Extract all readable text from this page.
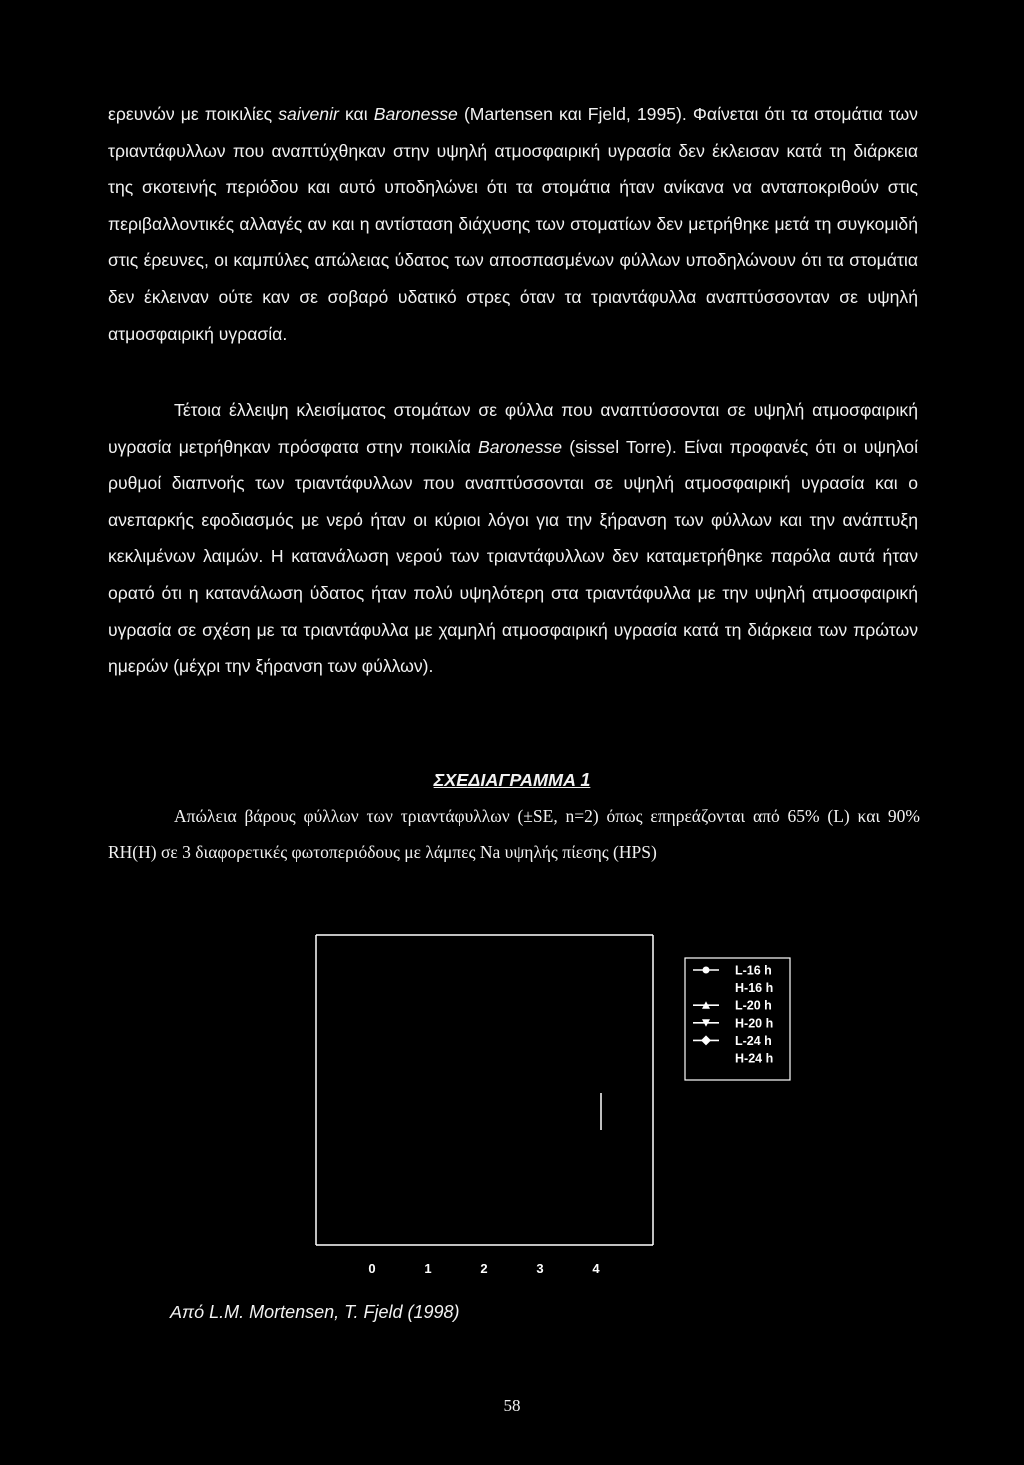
ερευνών με ποικιλίες saivenir και Baronesse (Martensen και Fjeld, 1995). Φαίνεται ότι τα στομάτια των τριαντάφυλλων που αναπτύχθηκαν στην υψηλή ατμοσφαιρική υγρασία δεν έκλεισαν κατά τη διάρκεια της σκοτεινής περιόδου και αυτό υποδηλώνει ότι τα στομάτια ήταν ανίκανα να ανταποκριθούν στις περιβαλλοντικές αλλαγές αν και η αντίσταση διάχυσης των στοματίων δεν μετρήθηκε μετά τη συγκομιδή στις έρευνες, οι καμπύλες απώλειας ύδατος των αποσπασμένων φύλλων υποδηλώνουν ότι τα στομάτια δεν έκλειναν ούτε καν σε σοβαρό υδατικό στρες όταν τα τριαντάφυλλα αναπτύσσονταν σε υψηλή ατμοσφαιρική υγρασία.

Τέτοια έλλειψη κλεισίματος στομάτων σε φύλλα που αναπτύσσονται σε υψηλή ατμοσφαιρική υγρασία μετρήθηκαν πρόσφατα στην ποικιλία Baronesse (sissel Torre). Είναι προφανές ότι οι υψηλοί ρυθμοί διαπνοής των τριαντάφυλλων που αναπτύσσονται σε υψηλή ατμοσφαιρική υγρασία και ο ανεπαρκής εφοδιασμός με νερό ήταν οι κύριοι λόγοι για την ξήρανση των φύλλων και την ανάπτυξη κεκλιμένων λαιμών. Η κατανάλωση νερού των τριαντάφυλλων δεν καταμετρήθηκε παρόλα αυτά ήταν ορατό ότι η κατανάλωση ύδατος ήταν πολύ υψηλότερη στα τριαντάφυλλα με την υψηλή ατμοσφαιρική υγρασία σε σχέση με τα τριαντάφυλλα με χαμηλή ατμοσφαιρική υγρασία κατά τη διάρκεια των πρώτων ημερών (μέχρι την ξήρανση των φύλλων).

ΣΧΕΔΙΑΓΡΑΜΜΑ 1

Απώλεια βάρους φύλλων των τριαντάφυλλων (±SE, n=2) όπως επηρεάζονται από 65% (L) και 90% RH(H) σε 3 διαφορετικές φωτοπεριόδους με λάμπες Na υψηλής πίεσης (HPS)

L-16 h
H-16 h
L-20 h
H-20 h
L-24 h
H-24 h
0	1	2	3	4

Από L.M. Mortensen, T. Fjeld (1998)

58
